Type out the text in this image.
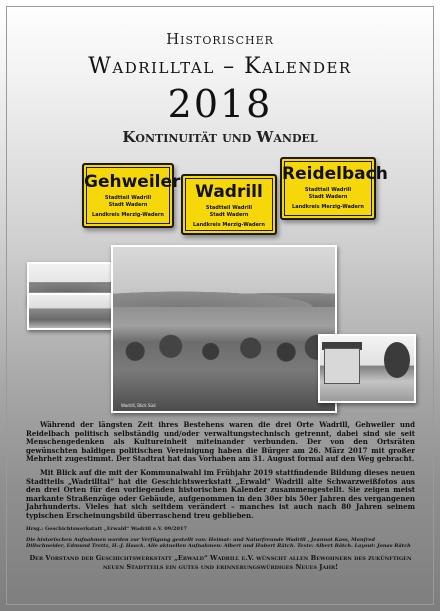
Historischer
Wadrilltal – Kalender
2018
Kontinuität und Wandel
Gehweiler
Stadtteil Wadrill
Stadt Wadern
Landkreis Merzig-Wadern
Wadrill
Stadtteil Wadrill
Stadt Wadern
Landkreis Merzig-Wadern
Reidelbach
Stadtteil Wadrill
Stadt Wadern
Landkreis Merzig-Wadern
Wadrill, Blick Süd

Während der längsten Zeit ihres Bestehens waren die drei Orte Wadrill, Gehweiler und Reidelbach politisch selbständig und/oder verwaltungstechnisch getrennt, dabei sind sie seit Menschengedenken als Kultureinheit miteinander verbunden. Der von den Ortsräten gewünschten baldigen politischen Vereinigung haben die Bürger am 26. März 2017 mit großer Mehrheit zugestimmt. Der Stadtrat hat das Vorhaben am 31. August formal auf den Weg gebracht.

Mit Blick auf die mit der Kommunalwahl im Frühjahr 2019 stattfindende Bildung dieses neuen Stadtteils „Wadrilltal“ hat die Geschichtswerkstatt „Erwald“ Wadrill alte Schwarzweißfotos aus den drei Orten für den vorliegenden historischen Kalender zusammengestellt. Sie zeigen meist markante Straßenzüge oder Gebäude, aufgenommen in den 30er bis 50er Jahren des vergangenen Jahrhunderts. Vieles hat sich seitdem verändert – manches ist auch nach 80 Jahren seinem typischen Erscheinungsbild überraschend treu geblieben.

Hrsg.: Geschichtswerkstatt „Erwald“ Wadrill e.V. 09/2017
Die historischen Aufnahmen wurden zur Verfügung gestellt von: Heimat- und Naturfreunde Wadrill , Jeannot Kass, Manfred Dillschneider, Edmund Trettz, H.-J. Haack. Alle aktuellen Aufnahmen: Albert und Hubert Rätch. Texte: Albert Rätch. Layout: Jonas Rätch
Der Vorstand der Geschichtswerkstatt „Erwald“ Wadrill e.V. wünscht allen Bewohnern des zukünftigen neuen Stadtteils ein gutes und erinnerungswürdiges Neues Jahr!
